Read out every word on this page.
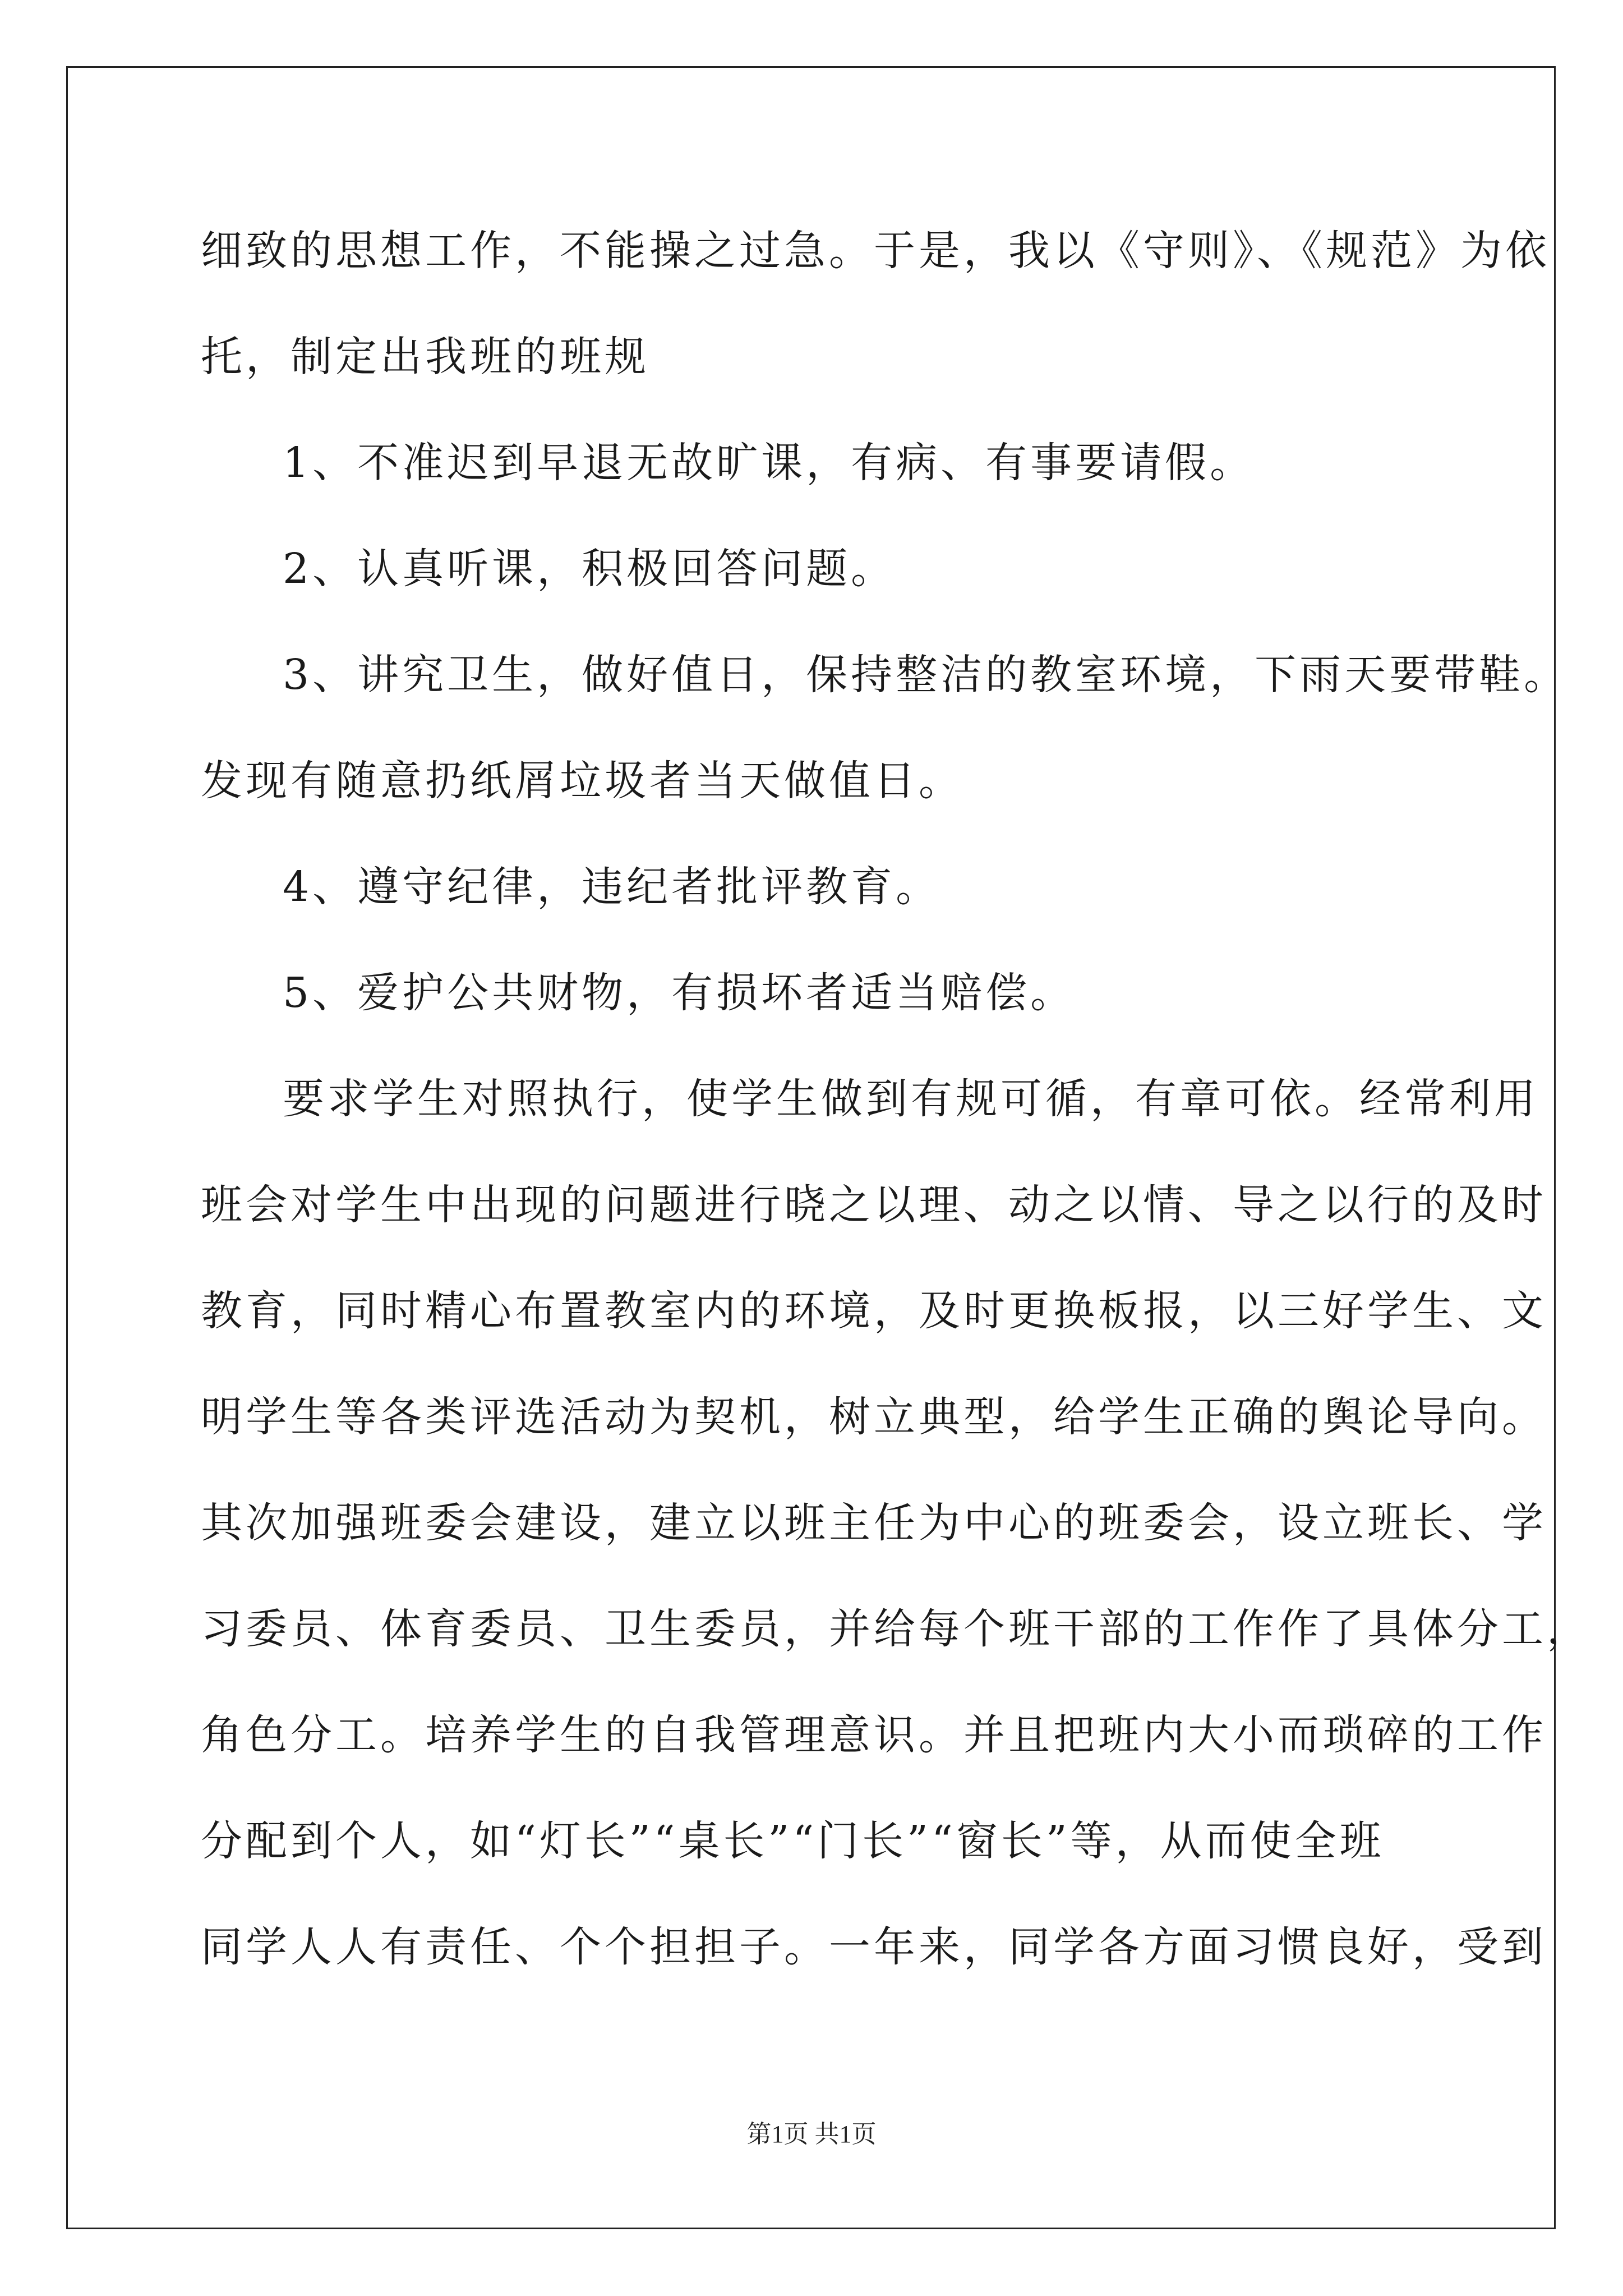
细致的思想工作，不能操之过急。于是，我以《守则》、《规范》为依
托，制定出我班的班规
1、不准迟到早退无故旷课，有病、有事要请假。
2、认真听课，积极回答问题。
3、讲究卫生，做好值日，保持整洁的教室环境，下雨天要带鞋。
发现有随意扔纸屑垃圾者当天做值日。
4、遵守纪律，违纪者批评教育。
5、爱护公共财物，有损坏者适当赔偿。
要求学生对照执行，使学生做到有规可循，有章可依。经常利用
班会对学生中出现的问题进行晓之以理、动之以情、导之以行的及时
教育，同时精心布置教室内的环境，及时更换板报，以三好学生、文
明学生等各类评选活动为契机，树立典型，给学生正确的舆论导向。
其次加强班委会建设，建立以班主任为中心的班委会，设立班长、学
习委员、体育委员、卫生委员，并给每个班干部的工作作了具体分工，
角色分工。培养学生的自我管理意识。并且把班内大小而琐碎的工作
分配到个人，如“灯长”“桌长”“门长”“窗长”等，从而使全班
同学人人有责任、个个担担子。一年来，同学各方面习惯良好，受到
第1页 共1页
